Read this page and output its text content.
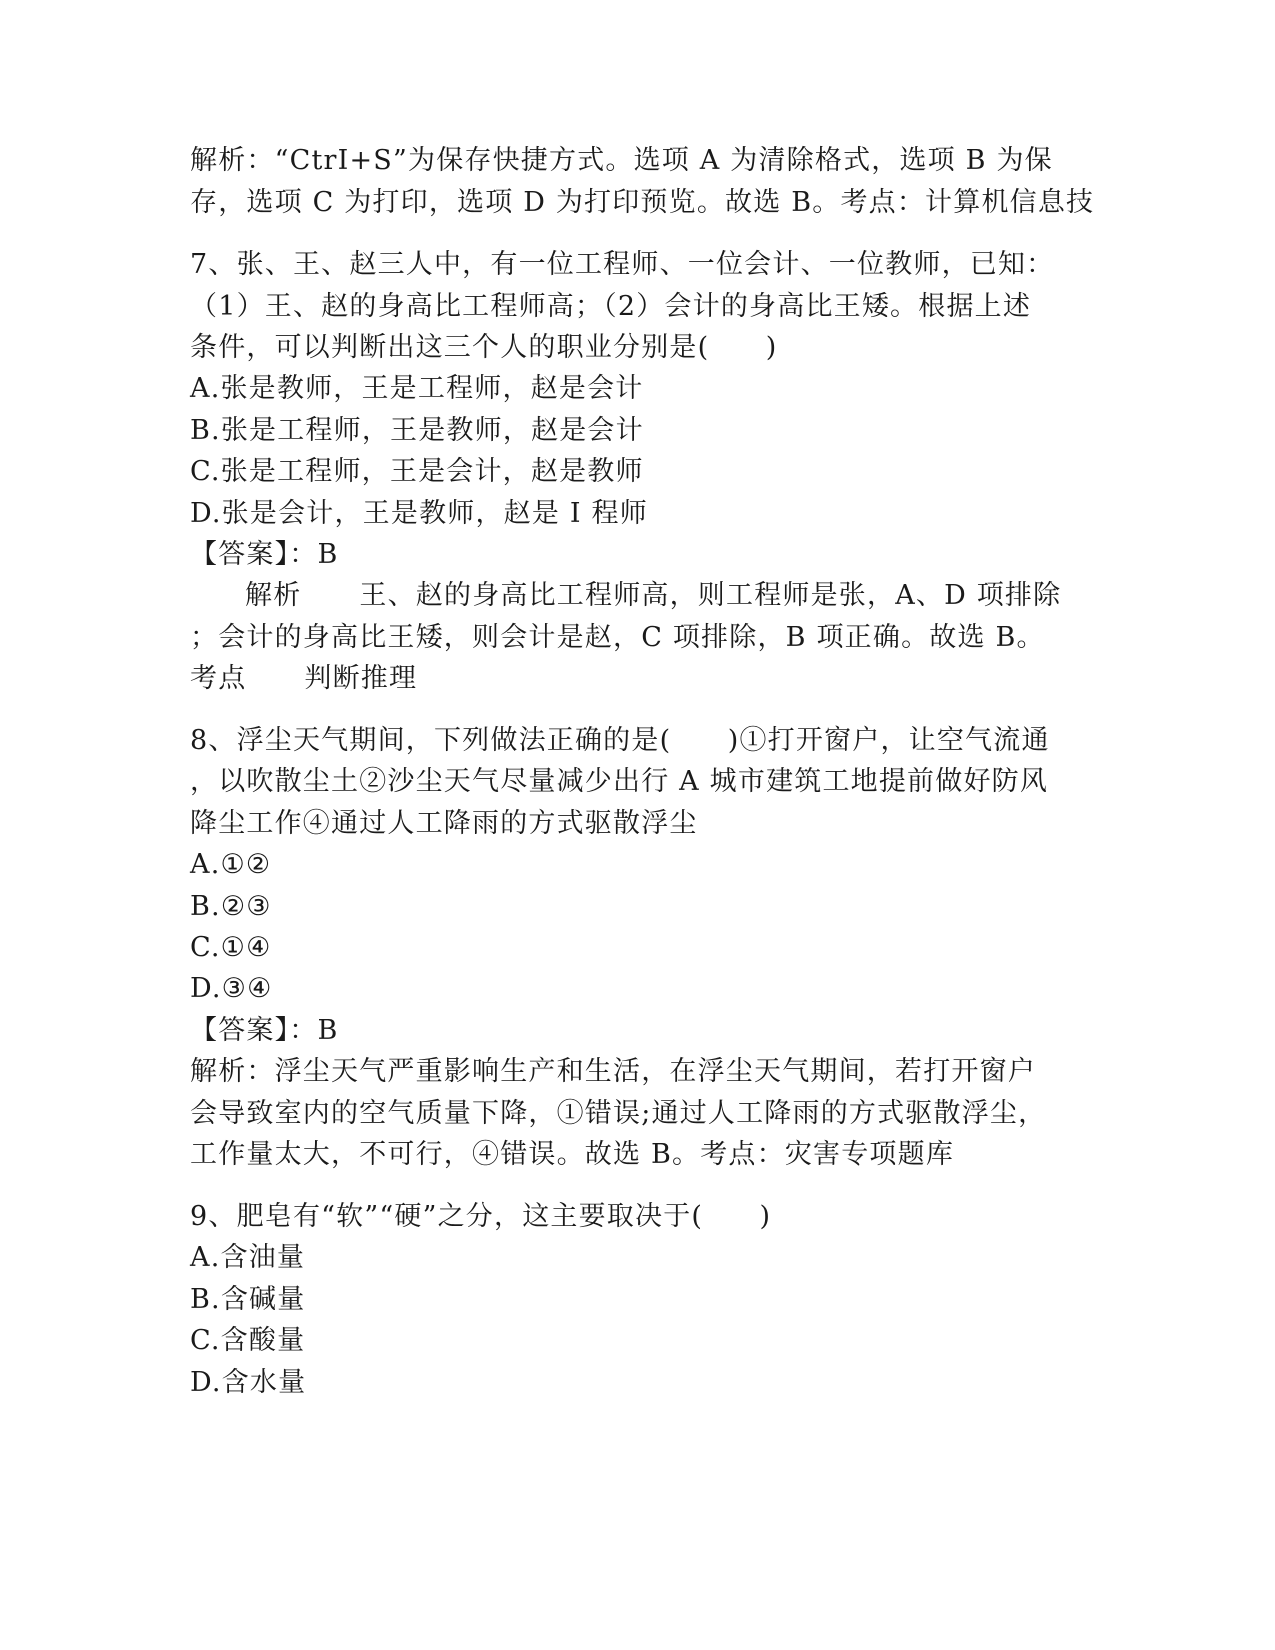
解析：“CtrI+S”为保存快捷方式。选项 A 为清除格式，选项 B 为保
存，选项 C 为打印，选项 D 为打印预览。故选 B。考点：计算机信息技
7、张、王、赵三人中，有一位工程师、一位会计、一位教师，已知：
（1）王、赵的身高比工程师高；（2）会计的身高比王矮。根据上述
条件，可以判断出这三个人的职业分别是(　　)
A.张是教师，王是工程师，赵是会计
B.张是工程师，王是教师，赵是会计
C.张是工程师，王是会计，赵是教师
D.张是会计，王是教师，赵是 I 程师
【答案】：B
解析 王、赵的身高比工程师高，则工程师是张，A、D 项排除
；会计的身高比王矮，则会计是赵，C 项排除，B 项正确。故选 B。
考点 判断推理
8、浮尘天气期间，下列做法正确的是(　　)①打开窗户，让空气流通
，以吹散尘土②沙尘天气尽量减少出行 A 城市建筑工地提前做好防风
降尘工作④通过人工降雨的方式驱散浮尘
A.①②
B.②③
C.①④
D.③④
【答案】：B
解析：浮尘天气严重影响生产和生活，在浮尘天气期间，若打开窗户
会导致室内的空气质量下降，①错误;通过人工降雨的方式驱散浮尘，
工作量太大，不可行，④错误。故选 B。考点：灾害专项题库
9、肥皂有“软”“硬”之分，这主要取决于(　　)
A.含油量
B.含碱量
C.含酸量
D.含水量
